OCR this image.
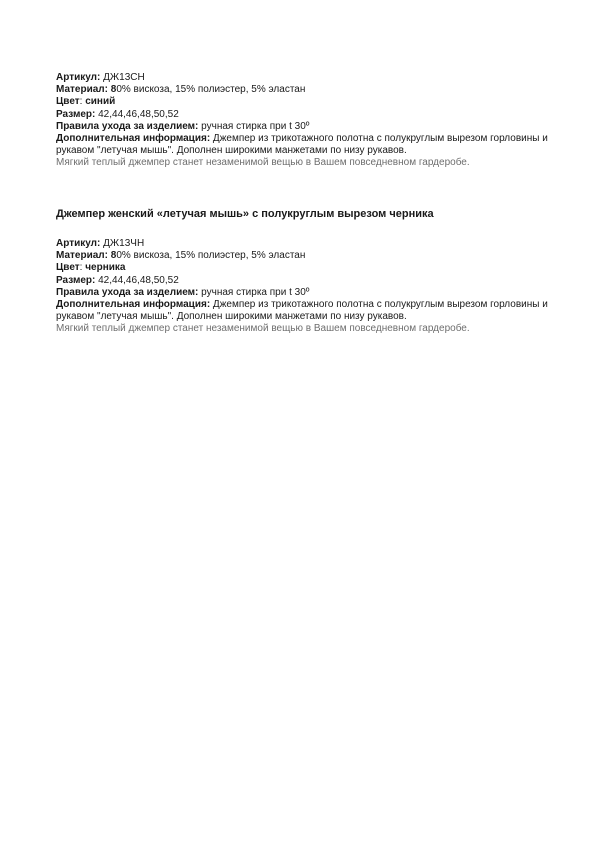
Артикул: ДЖ13СН

Материал: 80% вискоза, 15% полиэстер, 5% эластан

Цвет: синий

Размер: 42,44,46,48,50,52

Правила ухода за изделием: ручная стирка при t 30º

Дополнительная информация: Джемпер из трикотажного полотна с полукруглым вырезом горловины и рукавом "летучая мышь". Дополнен широкими манжетами по низу рукавов.

Мягкий теплый джемпер станет незаменимой вещью в Вашем повседневном гардеробе.

Джемпер женский «летучая мышь» с полукруглым вырезом черника

Артикул: ДЖ13ЧН

Материал: 80% вискоза, 15% полиэстер, 5% эластан

Цвет: черника

Размер: 42,44,46,48,50,52

Правила ухода за изделием: ручная стирка при t 30º

Дополнительная информация: Джемпер из трикотажного полотна с полукруглым вырезом горловины и рукавом "летучая мышь". Дополнен широкими манжетами по низу рукавов.

Мягкий теплый джемпер станет незаменимой вещью в Вашем повседневном гардеробе.
